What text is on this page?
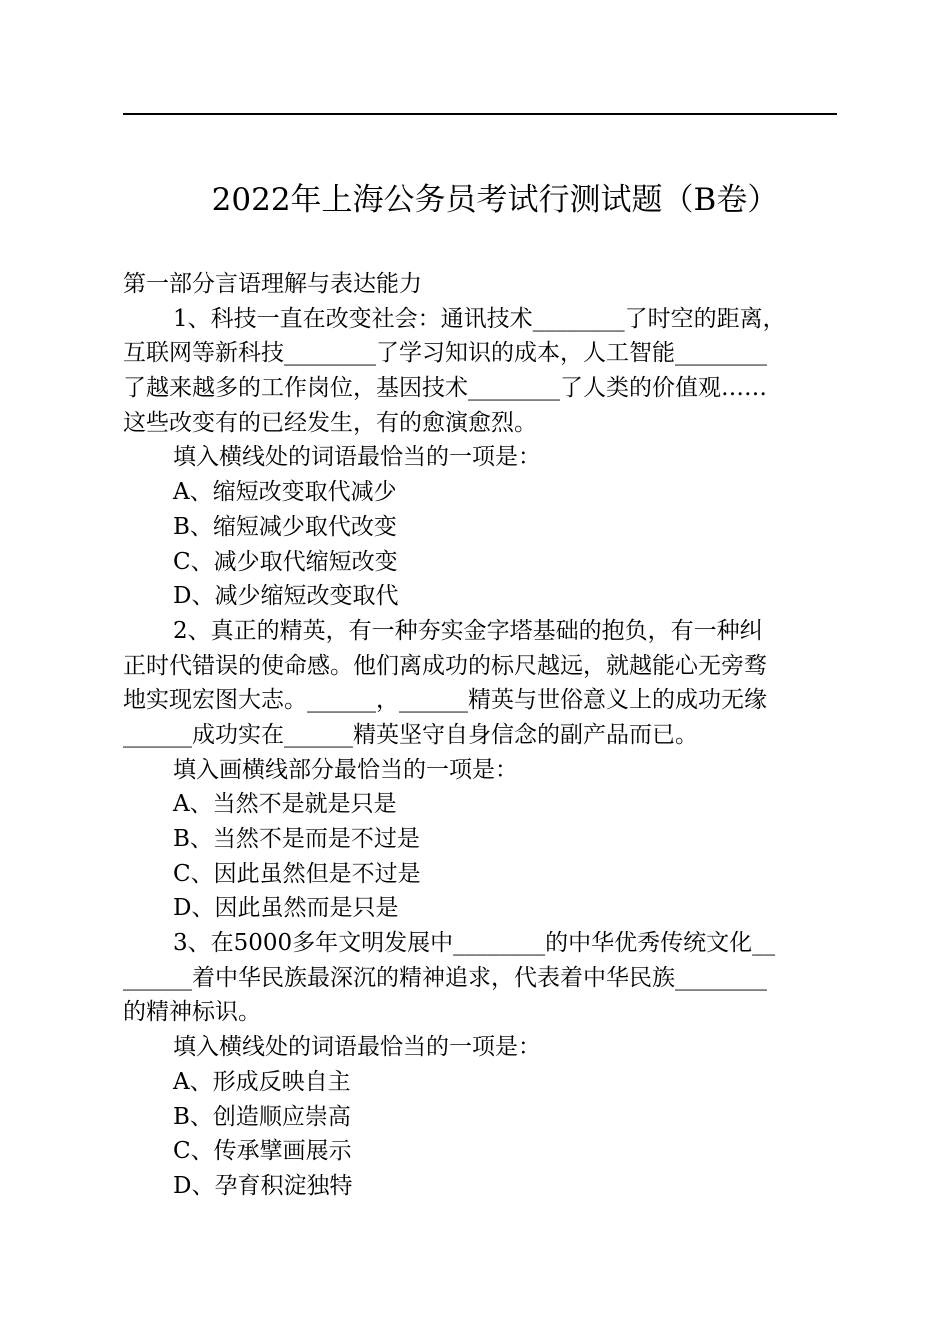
2022年上海公务员考试行测试题（B卷）
第一部分言语理解与表达能力
1、科技一直在改变社会：通讯技术________了时空的距离，
互联网等新科技________了学习知识的成本，人工智能________
了越来越多的工作岗位，基因技术________了人类的价值观……
这些改变有的已经发生，有的愈演愈烈。
填入横线处的词语最恰当的一项是：
A、缩短改变取代减少
B、缩短减少取代改变
C、减少取代缩短改变
D、减少缩短改变取代
2、真正的精英，有一种夯实金字塔基础的抱负，有一种纠
正时代错误的使命感。他们离成功的标尺越远，就越能心无旁骛
地实现宏图大志。______，______精英与世俗意义上的成功无缘
______成功实在______精英坚守自身信念的副产品而已。
填入画横线部分最恰当的一项是：
A、当然不是就是只是
B、当然不是而是不过是
C、因此虽然但是不过是
D、因此虽然而是只是
3、在5000多年文明发展中________的中华优秀传统文化__
______着中华民族最深沉的精神追求，代表着中华民族________
的精神标识。
填入横线处的词语最恰当的一项是：
A、形成反映自主
B、创造顺应崇高
C、传承擘画展示
D、孕育积淀独特
